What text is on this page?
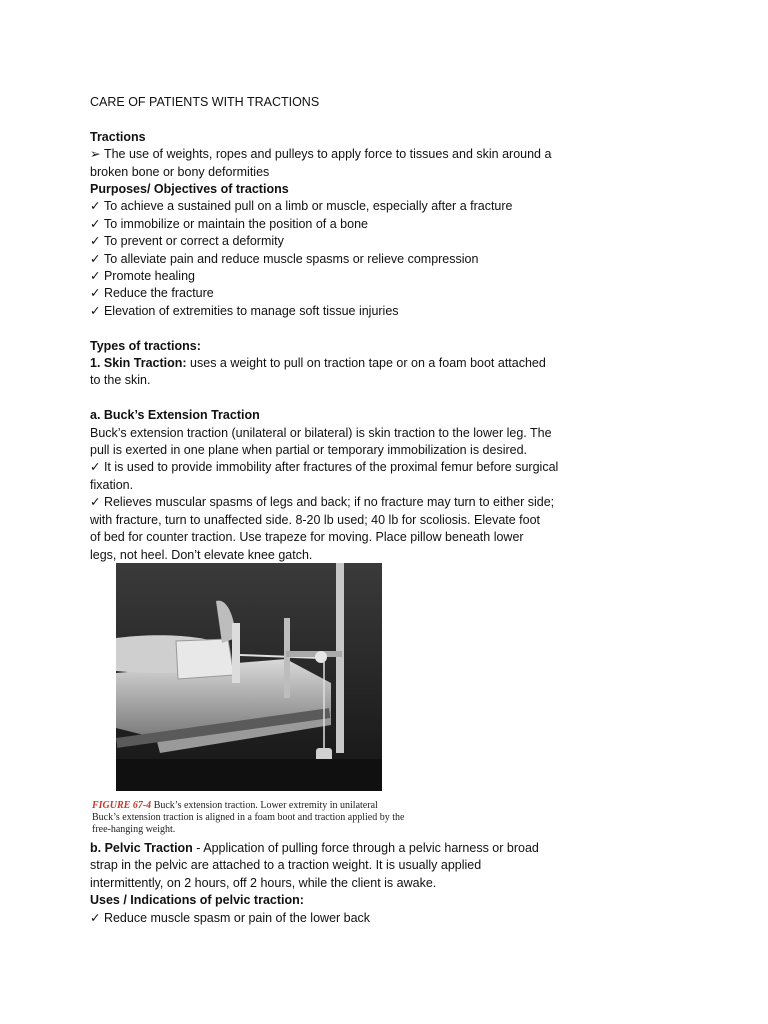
CARE OF PATIENTS WITH TRACTIONS
Tractions
➢ The use of weights, ropes and pulleys to apply force to tissues and skin around a
broken bone or bony deformities
Purposes/ Objectives of tractions
✓ To achieve a sustained pull on a limb or muscle, especially after a fracture
✓ To immobilize or maintain the position of a bone
✓ To prevent or correct a deformity
✓ To alleviate pain and reduce muscle spasms or relieve compression
✓ Promote healing
✓ Reduce the fracture
✓ Elevation of extremities to manage soft tissue injuries
Types of tractions:
1. Skin Traction: uses a weight to pull on traction tape or on a foam boot attached
to the skin.
a. Buck’s Extension Traction
Buck’s extension traction (unilateral or bilateral) is skin traction to the lower leg. The
pull is exerted in one plane when partial or temporary immobilization is desired.
✓ It is used to provide immobility after fractures of the proximal femur before surgical
fixation.
✓ Relieves muscular spasms of legs and back; if no fracture may turn to either side;
with fracture, turn to unaffected side. 8-20 lb used; 40 lb for scoliosis. Elevate foot
of bed for counter traction. Use trapeze for moving. Place pillow beneath lower
legs, not heel. Don’t elevate knee gatch.
FIGURE 67-4 Buck’s extension traction. Lower extremity in unilateral
Buck’s extension traction is aligned in a foam boot and traction applied by the
free-hanging weight.
b. Pelvic Traction - Application of pulling force through a pelvic harness or broad
strap in the pelvic are attached to a traction weight. It is usually applied
intermittently, on 2 hours, off 2 hours, while the client is awake.
Uses / Indications of pelvic traction:
✓ Reduce muscle spasm or pain of the lower back
